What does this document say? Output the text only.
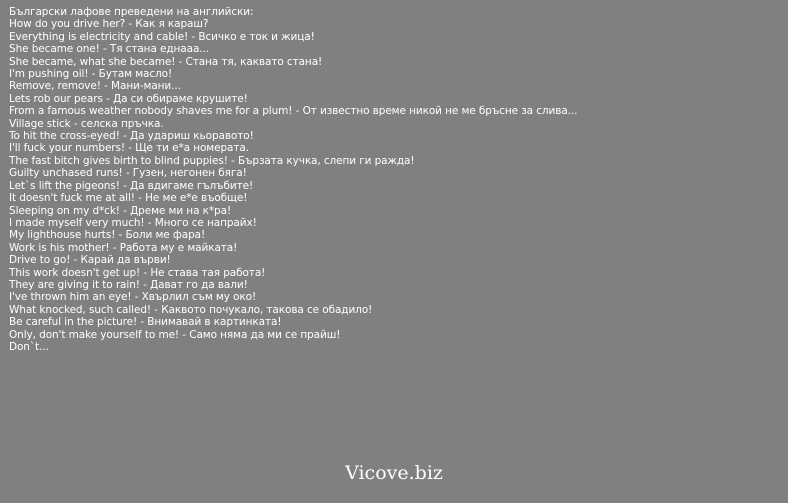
Български лафове преведени на английски:
How do you drive her? - Как я караш?
Everything is electricity and cable! - Всичко е ток и жица!
She became one! - Тя стана еднааа...
She became, what she became! - Стана тя, каквато стана!
I'm pushing oil! - Бутам масло!
Remove, remove! - Мани-мани...
Lets rob our pears - Да си обираме крушите!
From a famous weather nobody shaves me for a plum! - От известно време никой не ме бръсне за слива...
Village stick - селска пръчка.
To hit the cross-eyed! - Да удариш кьоравото!
I'll fuck your numbers! - Ще ти е*а номерата.
The fast bitch gives birth to blind puppies! - Бързата кучка, слепи ги ражда!
Guilty unchased runs! - Гузен, негонен бяга!
Let`s lift the pigeons! - Да вдигаме гълъбите!
It doesn't fuck me at all! - Не ме е*е въобще!
Sleeping on my d*ck! - Дреме ми на к*ра!
I made myself very much! - Много се напрайх!
My lighthouse hurts! - Боли ме фара!
Work is his mother! - Работа му е майката!
Drive to go! - Карай да върви!
This work doesn't get up! - Не става тая работа!
They are giving it to rain! - Дават го да вали!
I've thrown him an eye! - Хвърлил съм му око!
What knocked, such called! - Каквото почукало, такова се обадило!
Be careful in the picture! - Внимавай в картинката!
Only, don't make yourself to me! - Само няма да ми се прайш!
Don`t...
Vicove.biz
